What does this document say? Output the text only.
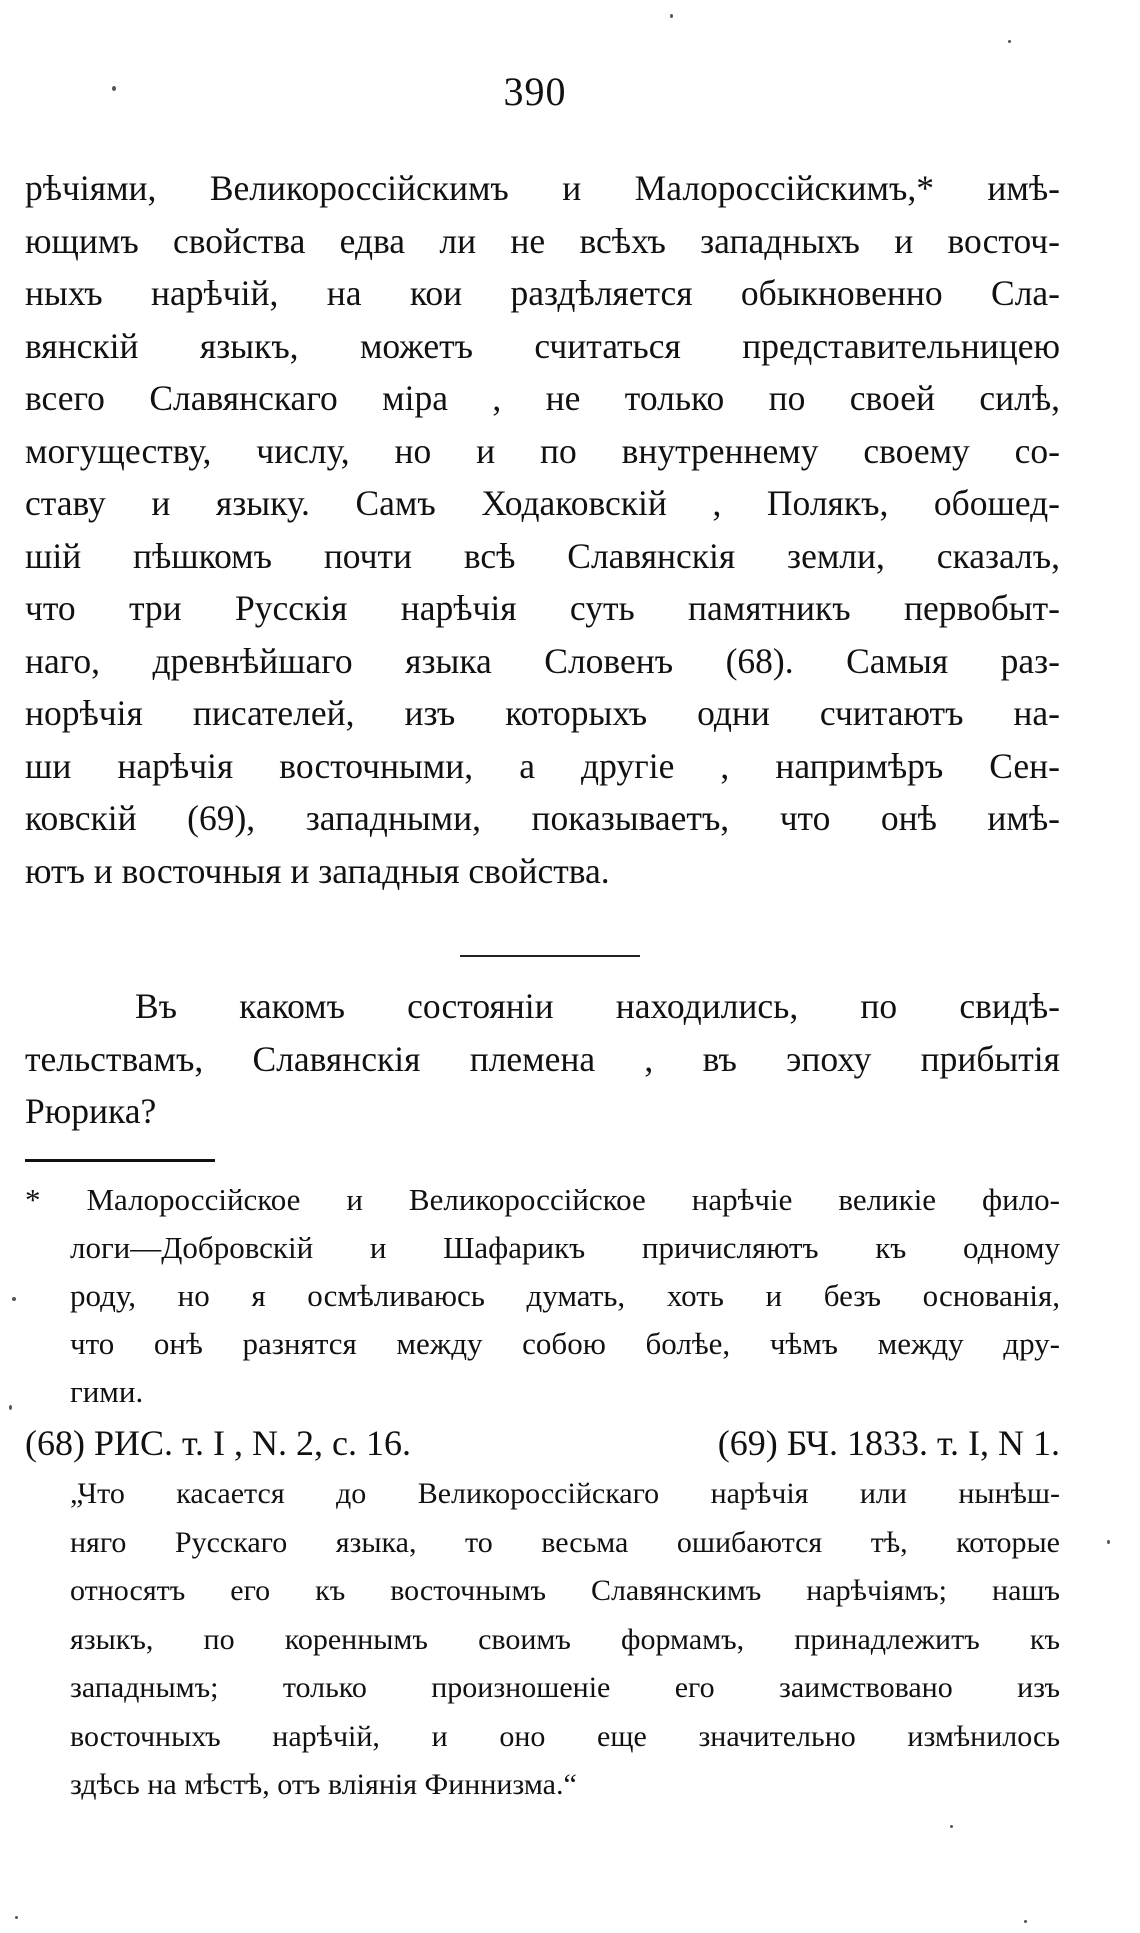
390
рѣчіями, Великороссійскимъ и Малороссійскимъ,* имѣ-
ющимъ свойства едва ли не всѣхъ западныхъ и восточ-
ныхъ нарѣчій, на кои раздѣляется обыкновенно Сла-
вянскій языкъ, можетъ считаться представительницею
всего Славянскаго міра , не только по своей силѣ,
могуществу, числу, но и по внутреннему своему со-
ставу и языку. Самъ Ходаковскій , Полякъ, обошед-
шій пѣшкомъ почти всѣ Славянскія земли, сказалъ,
что три Русскія нарѣчія суть памятникъ первобыт-
наго, древнѣйшаго языка Словенъ (68). Самыя раз-
норѣчія писателей, изъ которыхъ одни считаютъ на-
ши нарѣчія восточными, а другіе , напримѣръ Сен-
ковскій (69), западными, показываетъ, что онѣ имѣ-
ютъ и восточныя и западныя свойства.
Въ какомъ состояніи находились, по свидѣ-
тельствамъ, Славянскія племена , въ эпоху прибытія
Рюрика?
* Малороссійское и Великороссійское нарѣчіе великіе фило-
логи—Добровскій и Шафарикъ причисляютъ къ одному
роду, но я осмѣливаюсь думать, хоть и безъ основанія,
что онѣ разнятся между собою болѣе, чѣмъ между дру-
гими.
(68) РИС. т. I , N. 2, с. 16.	(69) БЧ. 1833. т. I, N 1.
„Что касается до Великороссійскаго нарѣчія или нынѣш-
няго Русскаго языка, то весьма ошибаются тѣ, которые
относятъ его къ восточнымъ Славянскимъ нарѣчіямъ; нашъ
языкъ, по кореннымъ своимъ формамъ, принадлежитъ къ
западнымъ; только произношеніе его заимствовано изъ
восточныхъ нарѣчій, и оно еще значительно измѣнилось
здѣсь на мѣстѣ, отъ вліянія Финнизма.“
